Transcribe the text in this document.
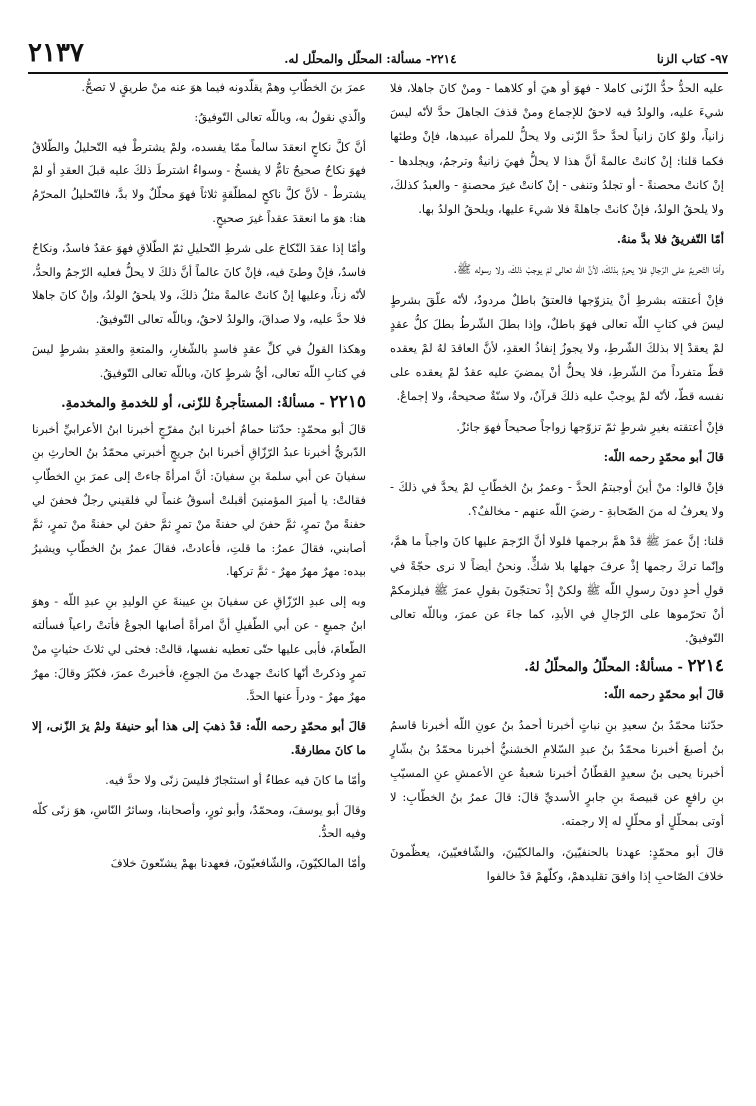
٢١٣٧	٢٢١٤- مسألة: المحلّل والمحلّل له.	٩٧- كتاب الزنا

عمرَ بنَ الخطّابِ وهمْ يقلّدونه فيما هوَ عنه منْ طريقٍ لا تصحُّ.

والّذي نقولُ به، وباللّه تعالى التّوفيقُ:

أنَّ كلَّ نكاحٍ انعقدَ سالماً ممّا يفسده، ولمْ يشترطْ فيه التّحليلُ والطّلاقُ فهوَ نكاحٌ صحيحٌ تامٌّ لا يفسخُ - وسواءٌ اشترطَ ذلكَ عليه قبلَ العقدِ أو لمْ يشترطْ - لأنَّ كلَّ ناكحٍ لمطلّقةٍ ثلاثاً فهوَ محلّلٌ ولا بدَّ، فالتّحليلُ المحرّمُ هنا: هوَ ما انعقدَ عقداً غيرَ صحيحٍ.

وأمّا إذا عقدَ النّكاحَ على شرطِ التّحليلِ ثمّ الطّلاقِ فهوَ عقدٌ فاسدٌ، ونكاحٌ فاسدٌ، فإنْ وطئَ فيه، فإنْ كانَ عالماً أنَّ ذلكَ لا يحلُّ فعليه الرّجمُ والحدُّ، لأنّه زناً، وعليها إنْ كانتْ عالمةً مثلُ ذلكَ، ولا يلحقُ الولدُ، وإنْ كانَ جاهلا فلا حدَّ عليه، ولا صداقَ، والولدُ لاحقٌ، وباللّه تعالى التّوفيقُ.

وهكذا القولُ في كلِّ عقدٍ فاسدٍ بالشّغارِ، والمتعةِ والعقدِ بشرطٍ ليسَ في كتابِ اللّه تعالى، أيُّ شرطٍ كانَ، وباللّه تعالى التّوفيقُ.

٢٢١٥ - مسألةٌ: المستأجرةُ للزّنى، أو للخدمةِ والمخدمةِ.

قالَ أبو محمّدٍ: حدّثنا حمامٌ أخبرنا ابنُ مفرّجٍ أخبرنا ابنُ الأعرابيِّ أخبرنا الدّبريُّ أخبرنا عبدُ الرّزّاقِ أخبرنا ابنُ جريجٍ أخبرني محمّدُ بنُ الحارثِ بنِ سفيانَ عن أبي سلمةَ بنِ سفيانَ: أنَّ امرأةً جاءتْ إلى عمرَ بنِ الخطّابِ فقالتْ: يا أميرَ المؤمنينَ أقبلتْ أسوقُ غنماً لي فلقيني رجلٌ فحفنَ لي حفنةً منْ تمرٍ، ثمَّ حفنَ لي حفنةً منْ تمرٍ ثمَّ حفنَ لي حفنةً منْ تمرٍ، ثمَّ أصابني، فقالَ عمرُ: ما قلتِ، فأعادتْ، فقالَ عمرُ بنُ الخطّابِ ويشيرُ بيده: مهرٌ مهرٌ مهرٌ - ثمَّ تركها.

وبه إلى عبدِ الرّزّاقِ عن سفيانَ بنِ عيينةَ عنِ الوليدِ بنِ عبدِ اللّه - وهوَ ابنُ جميعٍ - عن أبي الطّفيلِ أنَّ امرأةً أصابها الجوعُ فأتتْ راعياً فسألته الطّعامَ، فأبى عليها حتّى تعطيه نفسها، قالتْ: فحثى لي ثلاثَ حثياتٍ منْ تمرٍ وذكرتْ أنّها كانتْ جهدتْ منَ الجوعِ، فأخبرتْ عمرَ، فكبّرَ وقالَ: مهرٌ مهرٌ مهرٌ - ودرأَ عنها الحدَّ.

قالَ أبو محمّدٍ رحمه اللّه: قدْ ذهبَ إلى هذا أبو حنيفةَ ولمْ يرَ الزّنى، إلا ما كانَ مطارفةً.

وأمّا ما كانَ فيه عطاءٌ أو استئجارٌ فليسَ زنًى ولا حدَّ فيه.

وقالَ أبو يوسفَ، ومحمّدٌ، وأبو ثورٍ، وأصحابنا، وسائرُ النّاسِ، هوَ زنًى كلّه وفيه الحدُّ.

وأمّا المالكيّونَ، والشّافعيّونَ، فعهدنا بهمْ يشنّعونَ خلافَ

عليه الحدُّ حدُّ الزّنى كاملا - فهوَ أو هيَ أو كلاهما - ومنْ كانَ جاهلا، فلا شيءَ عليه، والولدُ فيه لاحقٌ للإجماع ومنْ قذفَ الجاهلَ حدَّ لأنّه ليسَ زانياً، ولوْ كانَ زانياً لحدَّ حدَّ الزّنى ولا يحلُّ للمرأة عبيدها، فإنْ وطئها فكما قلنا: إنْ كانتْ عالمةً أنَّ هذا لا يحلُّ فهيَ زانيةٌ وترجمُ، ويجلدها - إنْ كانتْ محصنةً - أو تجلدُ وتنفى - إنْ كانتْ غيرَ محصنةٍ - والعبدُ كذلكَ، ولا يلحقُ الولدُ، فإنْ كانتْ جاهلةً فلا شيءَ عليها، ويلحقُ الولدُ بها.

أمّا التّفريقُ فلا بدَّ منهُ.

وأمّا التّحريمُ على الرّجالِ فلا يحرمُ بذلكَ، لأنَّ اللّه تعالى لمْ يوجبْ ذلكَ، ولا رسوله ﷺ.

فإنْ أعتقته بشرطِ أنْ يتزوّجها فالعتقُ باطلٌ مردودٌ، لأنّه علّقَ بشرطٍ ليسَ في كتابِ اللّه تعالى فهوَ باطلٌ، وإذا بطلَ الشّرطُ بطلَ كلُّ عقدٍ لمْ يعقدْ إلا بذلكَ الشّرطِ، ولا يجوزُ إنفاذُ العقدِ، لأنَّ العاقدَ لهُ لمْ يعقده قطّ متفرداً منَ الشّرطِ، فلا يحلُّ أنْ يمضيَ عليه عقدٌ لمْ يعقده على نفسه قطّ، لأنّه لمْ يوجبْ عليه ذلكَ قرآنٌ، ولا سنّةٌ صحيحةٌ، ولا إجماعٌ.

فإنْ أعتقته بغيرِ شرطٍ ثمّ تزوّجها زواجاً صحيحاً فهوَ جائزٌ.

قالَ أبو محمّدٍ رحمه اللّه:

فإنْ قالوا: منْ أينَ أوجبتمُ الحدَّ - وعمرُ بنُ الخطّابِ لمْ يحدَّ في ذلكَ - ولا يعرفُ له منَ الصّحابةِ - رضيَ اللّه عنهم - مخالفٌ؟.

قلنا: إنَّ عمرَ ﷺ قدْ همَّ برجمها فلولا أنَّ الرّجمَ عليها كانَ واجباً ما همَّ، وإنّما تركَ رجمها إذْ عرفَ جهلها بلا شكٍّ. ونحنُ أيضاً لا نرى حجّةً في قولِ أحدٍ دونَ رسولِ اللّه ﷺ ولكنْ إذْ تحتجّونَ بقولِ عمرَ ﷺ فيلزمكمْ أنْ تحرّموها على الرّجالِ في الأبدِ، كما جاءَ عن عمرَ، وباللّه تعالى التّوفيقُ.

٢٢١٤ - مسألةٌ: المحلّلُ والمحلّلُ لهُ.

قالَ أبو محمّدٍ رحمه اللّه:

حدّثنا محمّدُ بنُ سعيدِ بنِ نباتٍ أخبرنا أحمدُ بنُ عونِ اللّه أخبرنا قاسمُ بنُ أصبغَ أخبرنا محمّدُ بنُ عبدِ السّلامِ الخشنيُّ أخبرنا محمّدُ بنُ بشّارٍ أخبرنا يحيى بنُ سعيدٍ القطّانُ أخبرنا شعبةُ عنِ الأعمشِ عنِ المسيّبِ بنِ رافعٍ عن قبيصةَ بنِ جابرٍ الأسديِّ قالَ: قالَ عمرُ بنُ الخطّابِ: لا أوتى بمحلّلٍ أو محلّلٍ له إلا رجمته.

قالَ أبو محمّدٍ: عهدنا بالحنفيّينَ، والمالكيّينَ، والشّافعيّينَ، يعظّمونَ خلافَ الصّاحبِ إذا وافقَ تقليدهمْ، وكلّهمْ قدْ خالفوا
